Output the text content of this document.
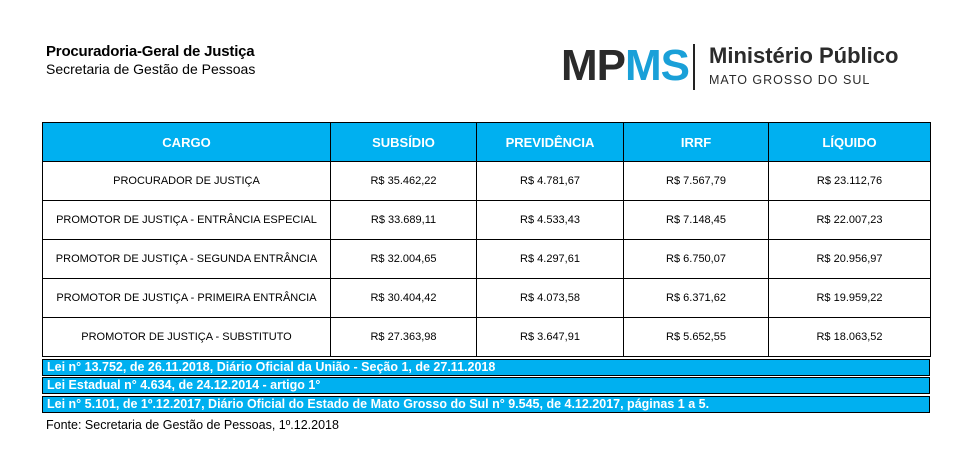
Procuradoria-Geral de Justiça
Secretaria de Gestão de Pessoas	MPMS Ministério Público
MATO GROSSO DO SUL
CARGO	SUBSÍDIO	PREVIDÊNCIA	IRRF	LÍQUIDO
PROCURADOR DE JUSTIÇA	R$ 35.462,22	R$ 4.781,67	R$ 7.567,79	R$ 23.112,76
PROMOTOR DE JUSTIÇA - ENTRÂNCIA ESPECIAL	R$ 33.689,11	R$ 4.533,43	R$ 7.148,45	R$ 22.007,23
PROMOTOR DE JUSTIÇA - SEGUNDA ENTRÂNCIA	R$ 32.004,65	R$ 4.297,61	R$ 6.750,07	R$ 20.956,97
PROMOTOR DE JUSTIÇA - PRIMEIRA ENTRÂNCIA	R$ 30.404,42	R$ 4.073,58	R$ 6.371,62	R$ 19.959,22
PROMOTOR DE JUSTIÇA - SUBSTITUTO	R$ 27.363,98	R$ 3.647,91	R$ 5.652,55	R$ 18.063,52
Lei n° 13.752, de 26.11.2018, Diário Oficial da União - Seção 1, de 27.11.2018
Lei Estadual n° 4.634, de 24.12.2014 - artigo 1°
Lei n° 5.101, de 1º.12.2017, Diário Oficial do Estado de Mato Grosso do Sul n° 9.545, de 4.12.2017, páginas 1 a 5.
Fonte: Secretaria de Gestão de Pessoas, 1º.12.2018
